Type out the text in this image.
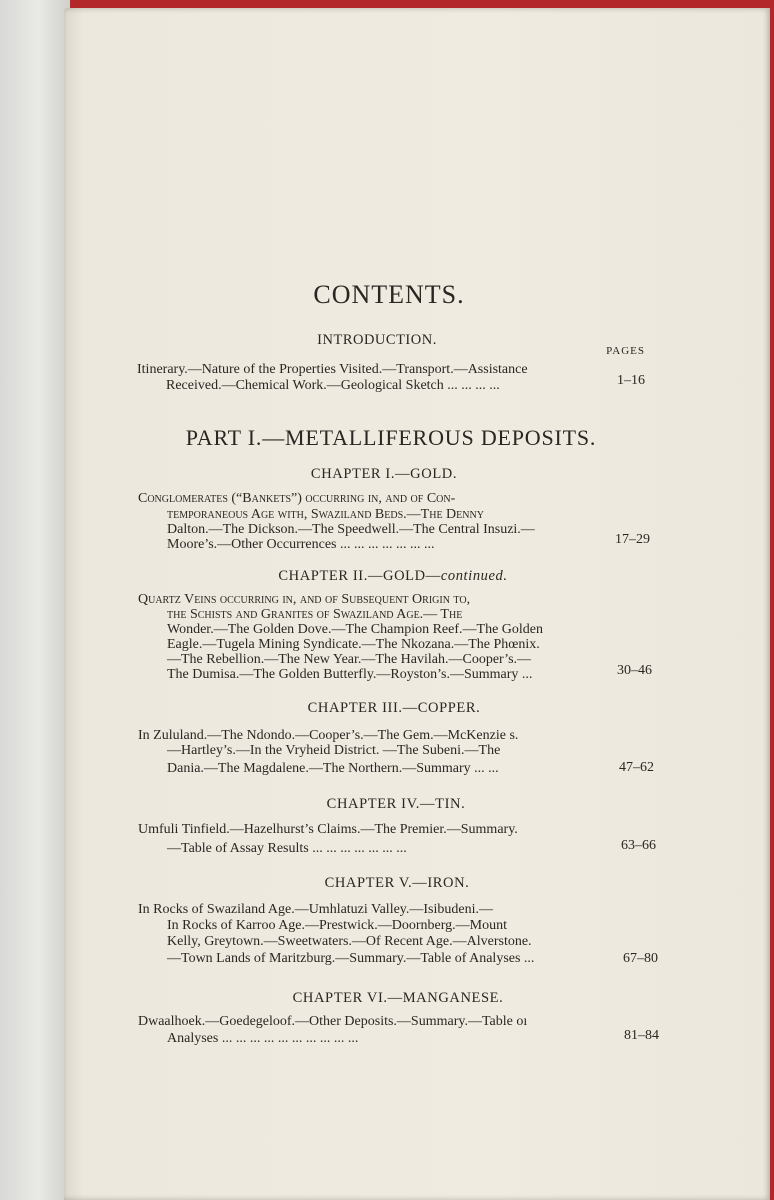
CONTENTS.
INTRODUCTION.
PAGES
Itinerary.—Nature of the Properties Visited.—Transport.—Assistance
Received.—Chemical Work.—Geological Sketch ... ... ... ...	1–16
PART I.—METALLIFEROUS DEPOSITS.
CHAPTER I.—GOLD.
Conglomerates (“Bankets”) occurring in, and of Con-
temporaneous Age with, Swaziland Beds.—The Denny
Dalton.—The Dickson.—The Speedwell.—The Central Insuzi.—
Moore’s.—Other Occurrences ... ... ... ... ... ... ...	17–29
CHAPTER II.—GOLD—continued.
Quartz Veins occurring in, and of Subsequent Origin to,
the Schists and Granites of Swaziland Age.— The
Wonder.—The Golden Dove.—The Champion Reef.—The Golden
Eagle.—Tugela Mining Syndicate.—The Nkozana.—The Phœnix.
—The Rebellion.—The New Year.—The Havilah.—Cooper’s.—
The Dumisa.—The Golden Butterfly.—Royston’s.—Summary ...	30–46
CHAPTER III.—COPPER.
In Zululand.—The Ndondo.—Cooper’s.—The Gem.—McKenzie s.
—Hartley’s.—In the Vryheid District. —The Subeni.—The
Dania.—The Magdalene.—The Northern.—Summary ... ...	47–62
CHAPTER IV.—TIN.
Umfuli Tinfield.—Hazelhurst’s Claims.—The Premier.—Summary.
—Table of Assay Results ... ... ... ... ... ... ...	63–66
CHAPTER V.—IRON.
In Rocks of Swaziland Age.—Umhlatuzi Valley.—Isibudeni.—
In Rocks of Karroo Age.—Prestwick.—Doornberg.—Mount
Kelly, Greytown.—Sweetwaters.—Of Recent Age.—Alverstone.
—Town Lands of Maritzburg.—Summary.—Table of Analyses ...	67–80
CHAPTER VI.—MANGANESE.
Dwaalhoek.—Goedegeloof.—Other Deposits.—Summary.—Table oı
Analyses ... ... ... ... ... ... ... ... ... ...	81–84
